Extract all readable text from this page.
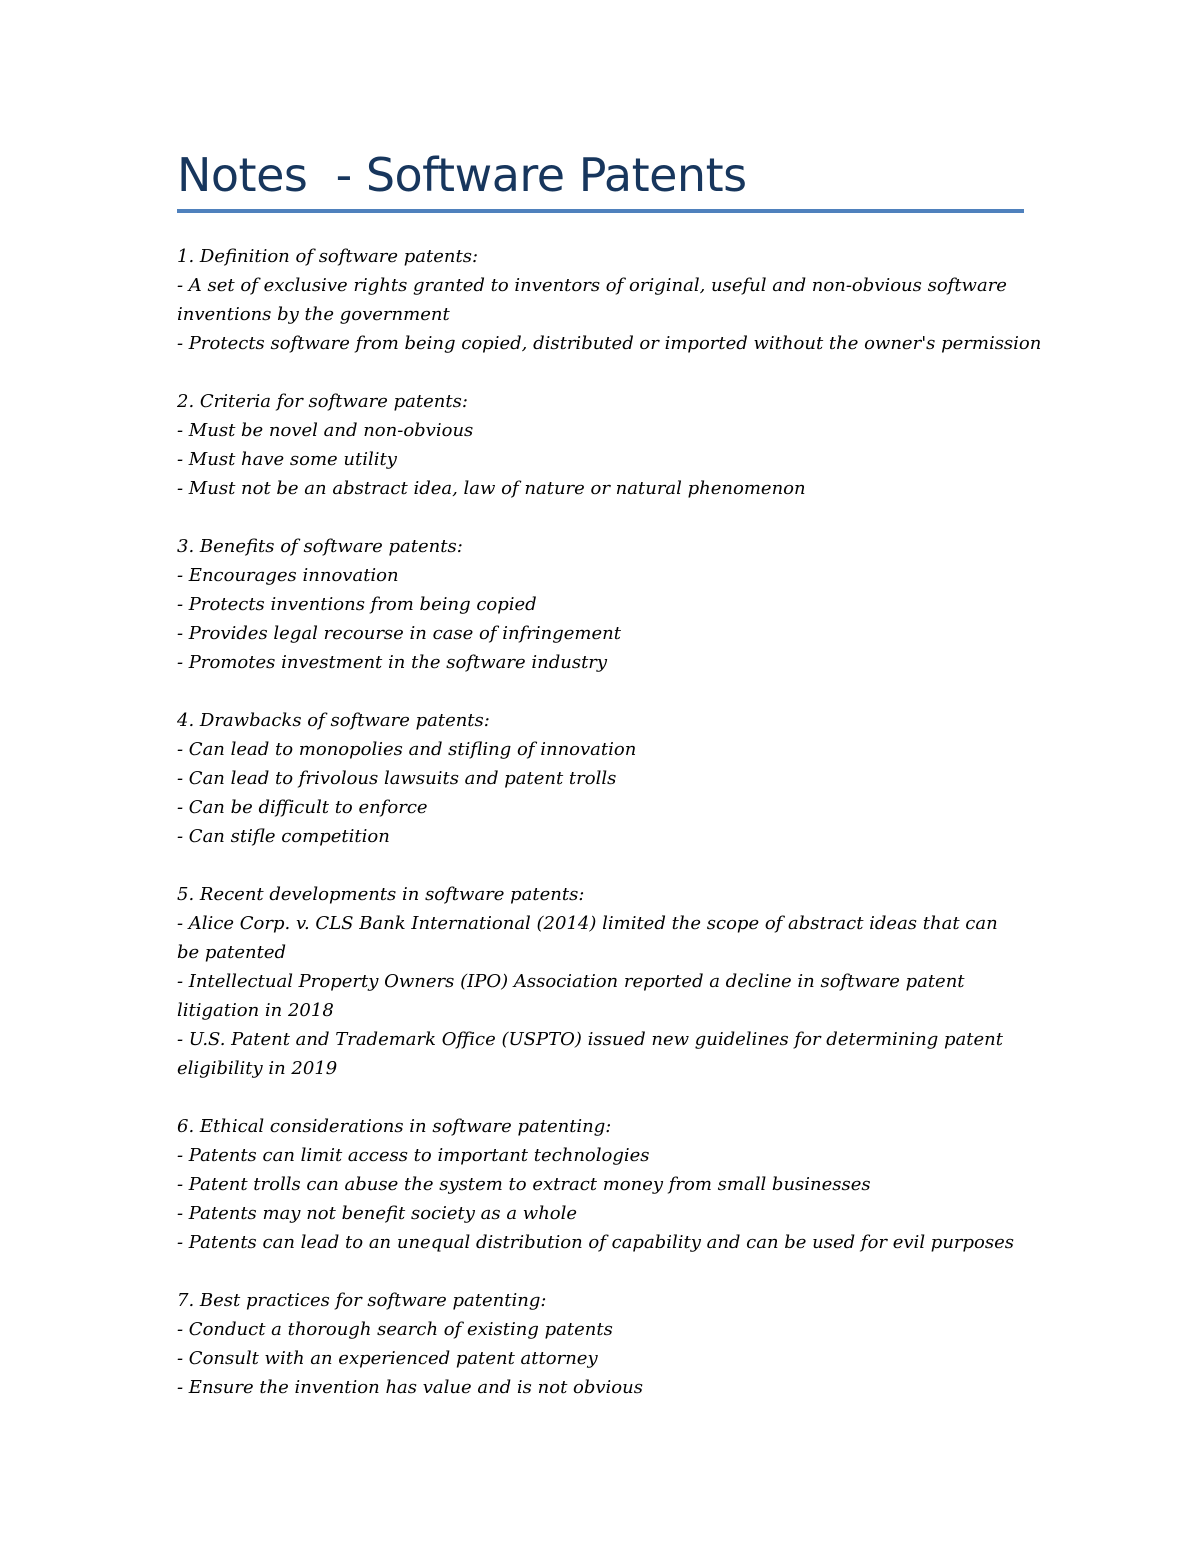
Notes  - Software Patents
1. Definition of software patents:
- A set of exclusive rights granted to inventors of original, useful and non-obvious software inventions by the government
- Protects software from being copied, distributed or imported without the owner's permission
2. Criteria for software patents:
- Must be novel and non-obvious
- Must have some utility
- Must not be an abstract idea, law of nature or natural phenomenon
3. Benefits of software patents:
- Encourages innovation
- Protects inventions from being copied
- Provides legal recourse in case of infringement
- Promotes investment in the software industry
4. Drawbacks of software patents:
- Can lead to monopolies and stifling of innovation
- Can lead to frivolous lawsuits and patent trolls
- Can be difficult to enforce
- Can stifle competition
5. Recent developments in software patents:
- Alice Corp. v. CLS Bank International (2014) limited the scope of abstract ideas that can be patented
- Intellectual Property Owners (IPO) Association reported a decline in software patent litigation in 2018
- U.S. Patent and Trademark Office (USPTO) issued new guidelines for determining patent eligibility in 2019
6. Ethical considerations in software patenting:
- Patents can limit access to important technologies
- Patent trolls can abuse the system to extract money from small businesses
- Patents may not benefit society as a whole
- Patents can lead to an unequal distribution of capability and can be used for evil purposes
7. Best practices for software patenting:
- Conduct a thorough search of existing patents
- Consult with an experienced patent attorney
- Ensure the invention has value and is not obvious
